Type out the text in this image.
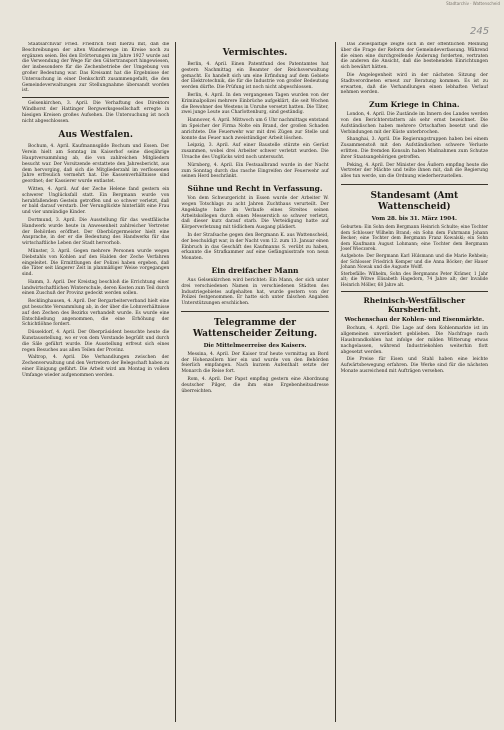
Stadtarchiv · Wattenscheid
245

Staatsarchivar Fried. Friedrich teilt hierzu mit, daß die Beschreibungen der alten Wanderwege im Kreise noch zu ergänzen seien. Bei den Erörterungen im Jahre 1927 wurde auf die Verwendung der Wege für den Gütertransport hingewiesen, der insbesondere für die Zechenbetriebe der Umgebung von großer Bedeutung war. Das Kreisamt hat die Ergebnisse der Untersuchung in einer Denkschrift zusammengefaßt, die den Gemeindeverwaltungen zur Stellungnahme übersandt worden ist.

Gelsenkirchen, 3. April. Die Verhaftung des Direktors Windhorst der Hattinger Bergwerksgesellschaft erregte in hiesigen Kreisen großes Aufsehen. Die Untersuchung ist noch nicht abgeschlossen.

Aus Westfalen.

Bochum, 4. April. Kaufmannsgilde Bochum und Essen. Der Verein hielt am Sonntag im Kaiserhof seine diesjährige Hauptversammlung ab, die von zahlreichen Mitgliedern besucht war. Der Vorsitzende erstattete den Jahresbericht, aus dem hervorging, daß sich die Mitgliederzahl im verflossenen Jahre erfreulich vermehrt hat. Die Kassenverhältnisse sind geordnet; der Kassierer wurde entlastet.

Witten, 4. April. Auf der Zeche Helene fand gestern ein schwerer Unglücksfall statt. Ein Bergmann wurde von herabfallendem Gestein getroffen und so schwer verletzt, daß er bald darauf verstarb. Der Verunglückte hinterläßt eine Frau und vier unmündige Kinder.

Dortmund, 3. April. Die Ausstellung für das westfälische Handwerk wurde heute in Anwesenheit zahlreicher Vertreter der Behörden eröffnet. Der Oberbürgermeister hielt eine Ansprache, in der er die Bedeutung des Handwerks für das wirtschaftliche Leben der Stadt hervorhob.

Münster, 3. April. Gegen mehrere Personen wurde wegen Diebstahls von Kohlen auf den Halden der Zeche Verfahren eingeleitet. Die Ermittlungen der Polizei haben ergeben, daß die Täter seit längerer Zeit in planmäßiger Weise vorgegangen sind.

Hamm, 3. April. Der Kreistag beschloß die Errichtung einer landwirtschaftlichen Winterschule, deren Kosten zum Teil durch einen Zuschuß der Provinz gedeckt werden sollen.

Recklinghausen, 4. April. Der Bergarbeiterverband hielt eine gut besuchte Versammlung ab, in der über die Lohnverhältnisse auf den Zechen des Bezirks verhandelt wurde. Es wurde eine Entschließung angenommen, die eine Erhöhung der Schichtlöhne fordert.

Düsseldorf, 4. April. Der Oberpräsident besuchte heute die Kunstausstellung, wo er von dem Vorstande begrüßt und durch die Säle geführt wurde. Die Ausstellung erfreut sich eines regen Besuches aus allen Teilen der Provinz.

Waltrop, 4. April. Die Verhandlungen zwischen der Zechenverwaltung und den Vertretern der Belegschaft haben zu einer Einigung geführt. Die Arbeit wird am Montag in vollem Umfange wieder aufgenommen werden.

Vermischtes.

Berlin, 4. April. Einen Patentfund des Patentamtes hat gestern Nachmittag ein Beamter der Reichsverwaltung gemacht. Es handelt sich um eine Erfindung auf dem Gebiete der Elektrotechnik, die für die Industrie von großer Bedeutung werden dürfte. Die Prüfung ist noch nicht abgeschlossen.

Berlin, 4. April. In den vergangenen Tagen wurden von der Kriminalpolizei mehrere Einbrüche aufgeklärt, die seit Wochen die Bewohner des Westens in Unruhe versetzt hatten. Die Täter, zwei junge Leute aus Charlottenburg, sind geständig.

Hannover, 4. April. Mittwoch um 6 Uhr nachmittags entstand im Speicher der Firma Nolte ein Brand, der großen Schaden anrichtete. Die Feuerwehr war mit drei Zügen zur Stelle und konnte das Feuer nach zweistündiger Arbeit löschen.

Leipzig, 3. April. Auf einer Baustelle stürzte ein Gerüst zusammen, wobei drei Arbeiter schwer verletzt wurden. Die Ursache des Unglücks wird noch untersucht.

Nürnberg, 4. April. Ein Festsaalbrand wurde in der Nacht zum Sonntag durch das rasche Eingreifen der Feuerwehr auf seinen Herd beschränkt.

Sühne und Recht in Verfassung.

Von dem Schwurgericht in Essen wurde der Arbeiter W. wegen Totschlags zu acht Jahren Zuchthaus verurteilt. Der Angeklagte hatte im Verlaufe eines Streites seinen Arbeitskollegen durch einen Messerstich so schwer verletzt, daß dieser kurz darauf starb. Die Verteidigung hatte auf Körperverletzung mit tödlichem Ausgang plädiert.

In der Strafsache gegen den Bergmann K. aus Wattenscheid, der beschuldigt war, in der Nacht vom 12. zum 13. Januar einen Einbruch in das Geschäft des Kaufmanns S. verübt zu haben, erkannte die Strafkammer auf eine Gefängnisstrafe von neun Monaten.

Ein dreifacher Mann

Aus Gelsenkirchen wird berichtet: Ein Mann, der sich unter drei verschiedenen Namen in verschiedenen Städten des Industriegebietes aufgehalten hat, wurde gestern von der Polizei festgenommen. Er hatte sich unter falschen Angaben Unterstützungen erschlichen.

Telegramme der Wattenscheider Zeitung.
Die Mittelmeerreise des Kaisers.

Messina, 4. April. Der Kaiser traf heute vormittag an Bord der Hohenzollern hier ein und wurde von den Behörden feierlich empfangen. Nach kurzem Aufenthalt setzte der Monarch die Reise fort.

Rom, 4. April. Der Papst empfing gestern eine Abordnung deutscher Pilger, die ihm eine Ergebenheitsadresse überreichten.

Das Zwiespältige zeigte sich in der öffentlichen Meinung über die Frage der Reform der Gemeindeverfassung. Während die einen eine durchgreifende Änderung forderten, vertraten die anderen die Ansicht, daß die bestehenden Einrichtungen sich bewährt hätten.

Die Angelegenheit wird in der nächsten Sitzung der Stadtverordneten erneut zur Beratung kommen. Es ist zu erwarten, daß die Verhandlungen einen lebhaften Verlauf nehmen werden.

Zum Kriege in China.

London, 4. April. Die Zustände im Innern des Landes werden von den Berichterstattern als sehr ernst bezeichnet. Die Aufständischen haben mehrere Ortschaften besetzt und die Verbindungen mit der Küste unterbrochen.

Shanghai, 3. April. Die Regierungstruppen haben bei einem Zusammenstoß mit den Aufständischen schwere Verluste erlitten. Die fremden Konsuln haben Maßnahmen zum Schutze ihrer Staatsangehörigen getroffen.

Peking, 4. April. Der Minister des Äußern empfing heute die Vertreter der Mächte und teilte ihnen mit, daß die Regierung alles tun werde, um die Ordnung wiederherzustellen.

Standesamt (Amt Wattenscheid)
Vom 28. bis 31. März 1904.

Geburten: Ein Sohn dem Bergmann Heinrich Schulte; eine Tochter dem Schlosser Wilhelm Brand; ein Sohn dem Fuhrmann Johann Becker; eine Tochter dem Bergmann Franz Kowalski; ein Sohn dem Kaufmann August Lohmann; eine Tochter dem Bergmann Josef Wieczorek.

Aufgebote: Der Bergmann Karl Hülsmann und die Marie Rehbein; der Schlosser Friedrich Kemper und die Anna Böcker; der Hauer Johann Nowak und die Auguste Wolff.

Sterbefälle: Wilhelm, Sohn des Bergmanns Peter Krämer, 1 Jahr alt; die Witwe Elisabeth Hagedorn, 74 Jahre alt; der Invalide Heinrich Möller, 68 Jahre alt.

Rheinisch-Westfälischer Kursbericht.
Wochenschau der Kohlen- und Eisenmärkte.

Bochum, 4. April. Die Lage auf dem Kohlenmarkte ist im allgemeinen unverändert geblieben. Die Nachfrage nach Hausbrandkohlen hat infolge der milden Witterung etwas nachgelassen, während Industriekohlen weiterhin flott abgesetzt werden.

Die Preise für Eisen und Stahl haben eine leichte Aufwärtsbewegung erfahren. Die Werke sind für die nächsten Monate ausreichend mit Aufträgen versehen.
